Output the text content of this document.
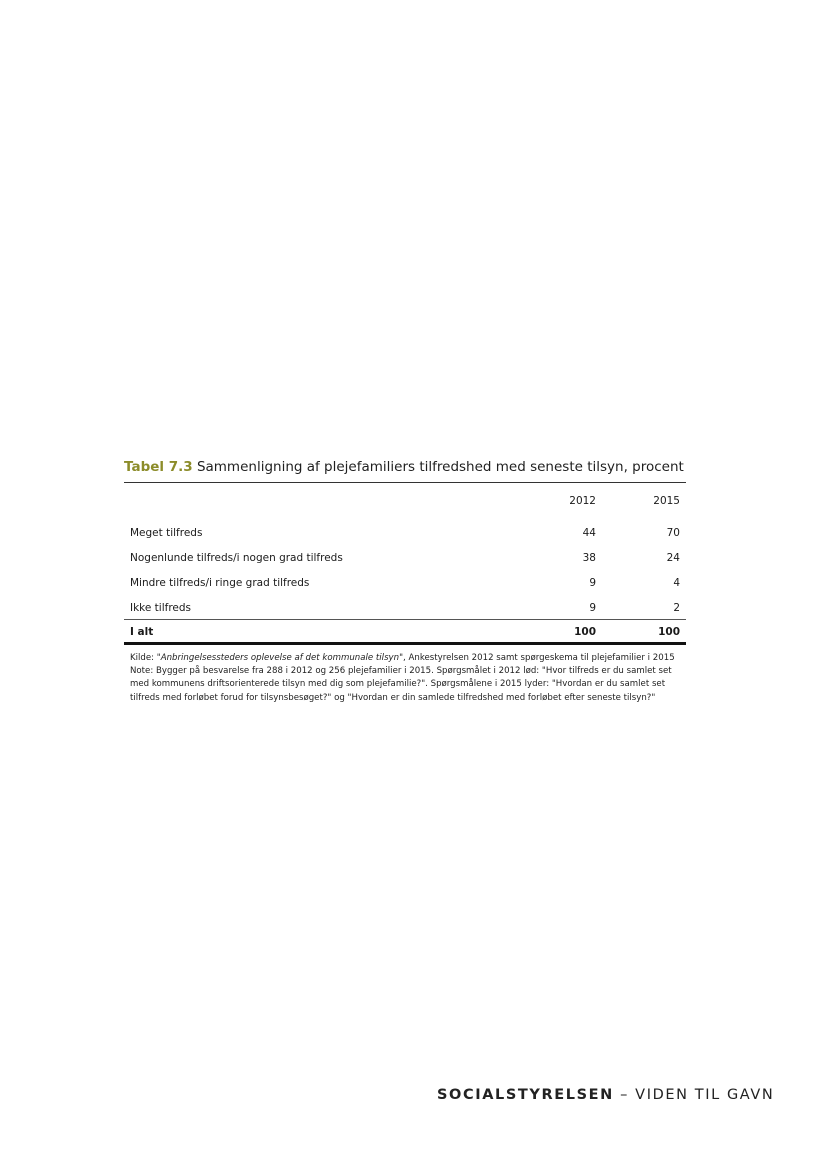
Tabel 7.3 Sammenligning af plejefamiliers tilfredshed med seneste tilsyn, procent
2012	2015
Meget tilfreds	44	70
Nogenlunde tilfreds/i nogen grad tilfreds	38	24
Mindre tilfreds/i ringe grad tilfreds	9	4
Ikke tilfreds	9	2
I alt	100	100
Kilde: "Anbringelsessteders oplevelse af det kommunale tilsyn", Ankestyrelsen 2012 samt spørgeskema til plejefamilier i 2015
Note: Bygger på besvarelse fra 288 i 2012 og 256 plejefamilier i 2015. Spørgsmålet i 2012 lød: "Hvor tilfreds er du samlet set
med kommunens driftsorienterede tilsyn med dig som plejefamilie?". Spørgsmålene i 2015 lyder: "Hvordan er du samlet set
tilfreds med forløbet forud for tilsynsbesøget?" og "Hvordan er din samlede tilfredshed med forløbet efter seneste tilsyn?"
SOCIALSTYRELSEN – VIDEN TIL GAVN
